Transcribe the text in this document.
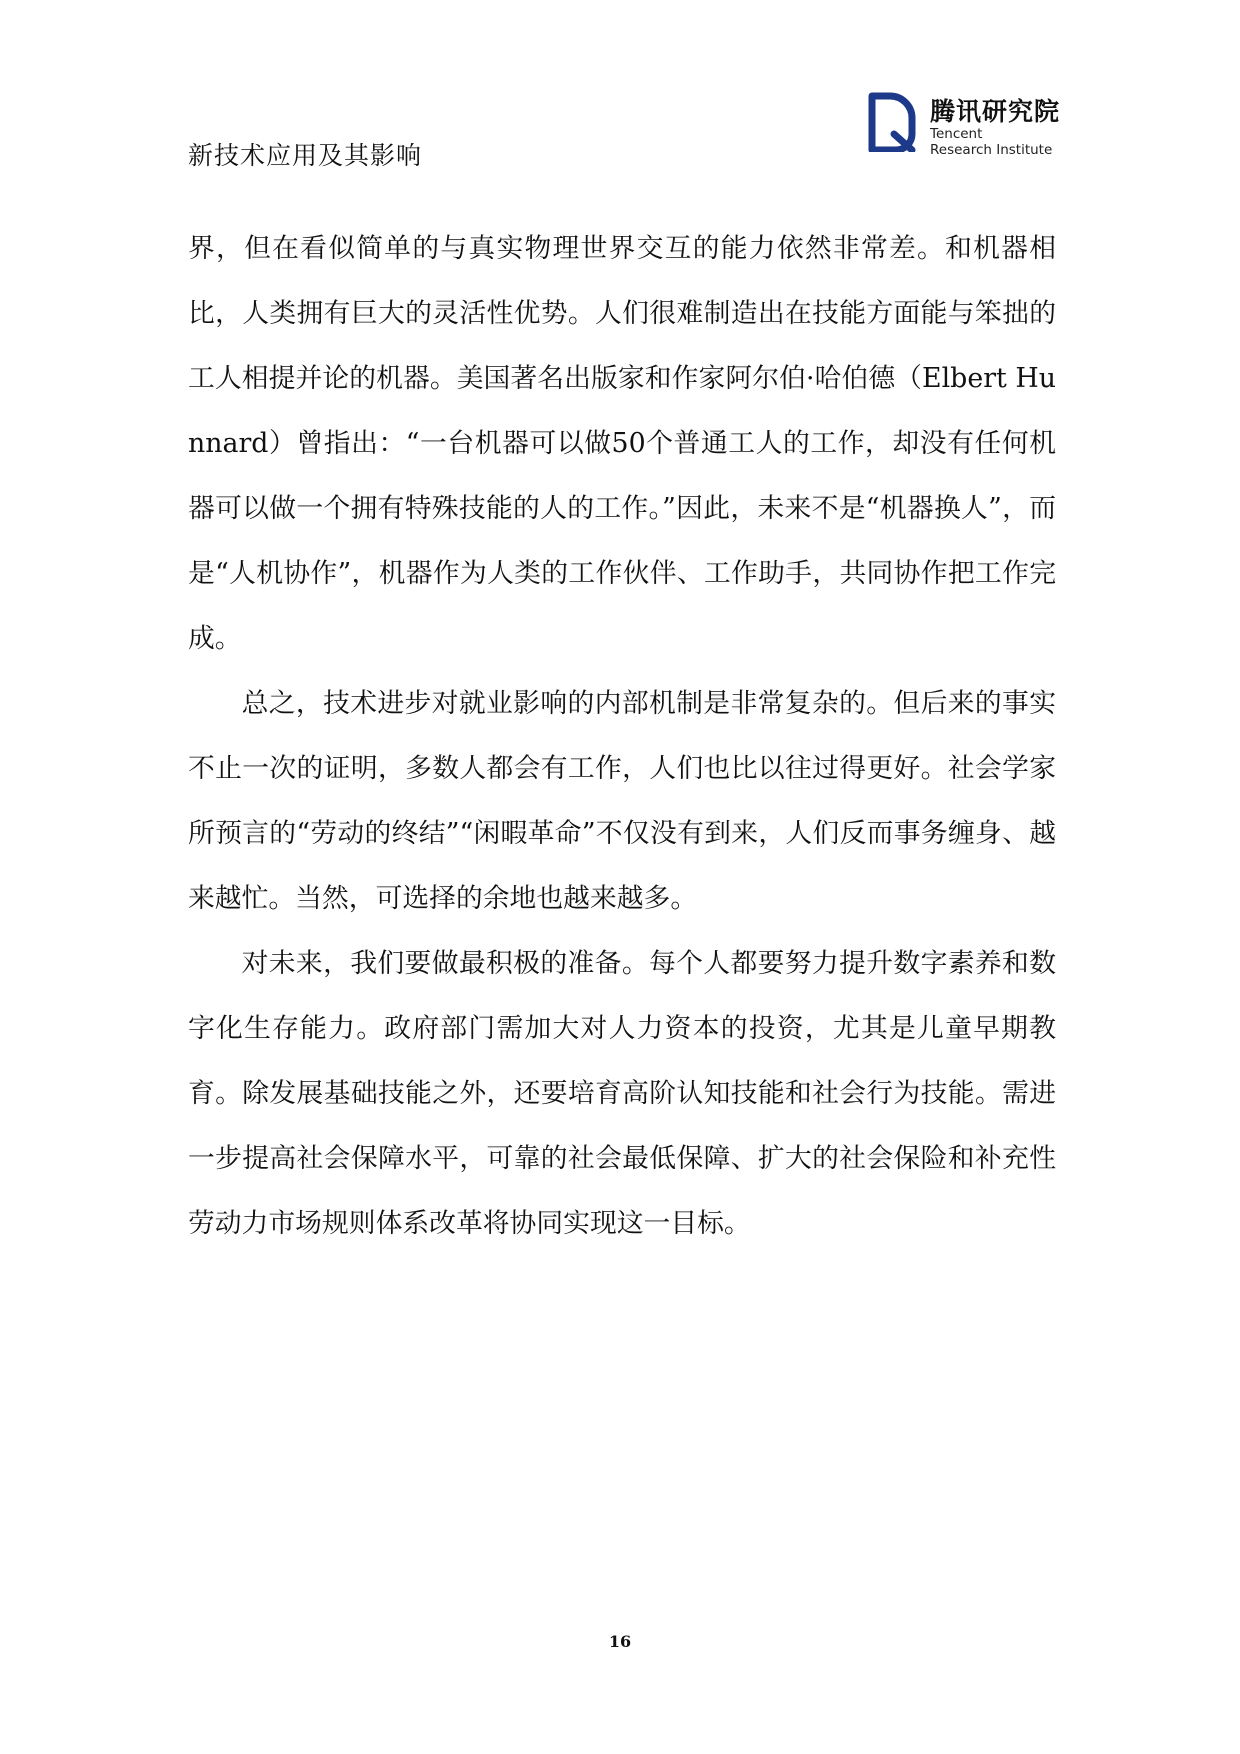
新技术应用及其影响
腾讯研究院
Tencent
Research Institute

界，但在看似简单的与真实物理世界交互的能力依然非常差。和机器相比，人类拥有巨大的灵活性优势。人们很难制造出在技能方面能与笨拙的工人相提并论的机器。美国著名出版家和作家阿尔伯·哈伯德（Elbert Hunnard）曾指出：“一台机器可以做50个普通工人的工作，却没有任何机器可以做一个拥有特殊技能的人的工作。”因此，未来不是“机器换人”，而是“人机协作”，机器作为人类的工作伙伴、工作助手，共同协作把工作完成。

总之，技术进步对就业影响的内部机制是非常复杂的。但后来的事实不止一次的证明，多数人都会有工作，人们也比以往过得更好。社会学家所预言的“劳动的终结”“闲暇革命”不仅没有到来，人们反而事务缠身、越来越忙。当然，可选择的余地也越来越多。

对未来，我们要做最积极的准备。每个人都要努力提升数字素养和数字化生存能力。政府部门需加大对人力资本的投资，尤其是儿童早期教育。除发展基础技能之外，还要培育高阶认知技能和社会行为技能。需进一步提高社会保障水平，可靠的社会最低保障、扩大的社会保险和补充性劳动力市场规则体系改革将协同实现这一目标。

16
